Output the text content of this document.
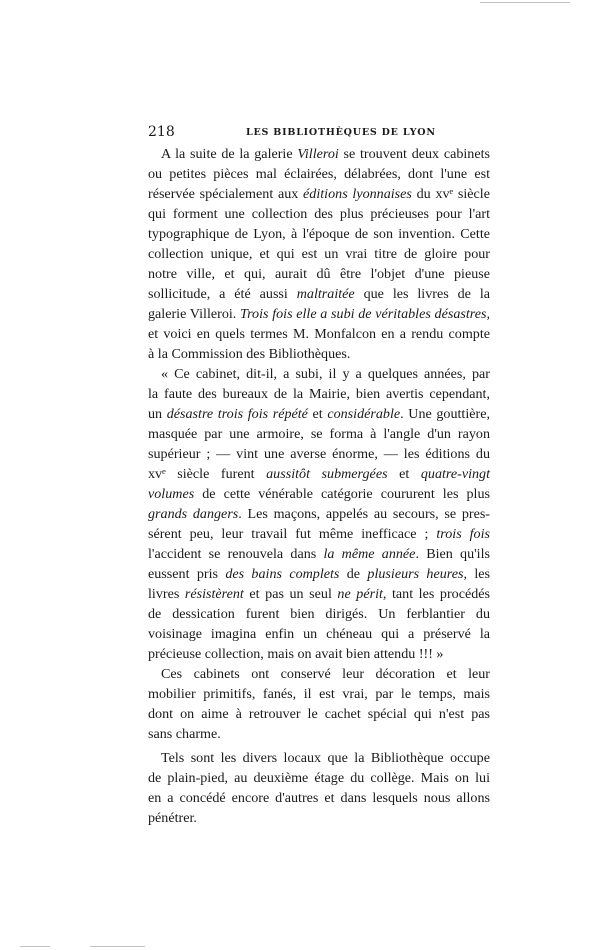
218	LES BIBLIOTHÈQUES DE LYON
A la suite de la galerie Villeroi se trouvent deux cabinets
ou petites pièces mal éclairées, délabrées, dont l'une est
réservée spécialement aux éditions lyonnaises du xvᵉ siècle
qui forment une collection des plus précieuses pour l'art
typographique de Lyon, à l'époque de son invention. Cette
collection unique, et qui est un vrai titre de gloire pour
notre ville, et qui, aurait dû être l'objet d'une pieuse
sollicitude, a été aussi maltraitée que les livres de la
galerie Villeroi. Trois fois elle a subi de véritables désastres,
et voici en quels termes M. Monfalcon en a rendu compte
à la Commission des Bibliothèques.
« Ce cabinet, dit-il, a subi, il y a quelques années, par
la faute des bureaux de la Mairie, bien avertis cependant,
un désastre trois fois répété et considérable. Une gouttière,
masquée par une armoire, se forma à l'angle d'un rayon
supérieur ; — vint une averse énorme, — les éditions du
xvᵉ siècle furent aussitôt submergées et quatre-vingt
volumes de cette vénérable catégorie coururent les plus
grands dangers. Les maçons, appelés au secours, se pres-
sérent peu, leur travail fut même inefficace ; trois fois
l'accident se renouvela dans la même année. Bien qu'ils
eussent pris des bains complets de plusieurs heures, les
livres résistèrent et pas un seul ne périt, tant les procédés
de dessication furent bien dirigés. Un ferblantier du
voisinage imagina enfin un chéneau qui a préservé la
précieuse collection, mais on avait bien attendu !!! »
Ces cabinets ont conservé leur décoration et leur
mobilier primitifs, fanés, il est vrai, par le temps, mais
dont on aime à retrouver le cachet spécial qui n'est pas
sans charme.
Tels sont les divers locaux que la Bibliothèque occupe
de plain-pied, au deuxième étage du collège. Mais on lui
en a concédé encore d'autres et dans lesquels nous allons
pénétrer.
